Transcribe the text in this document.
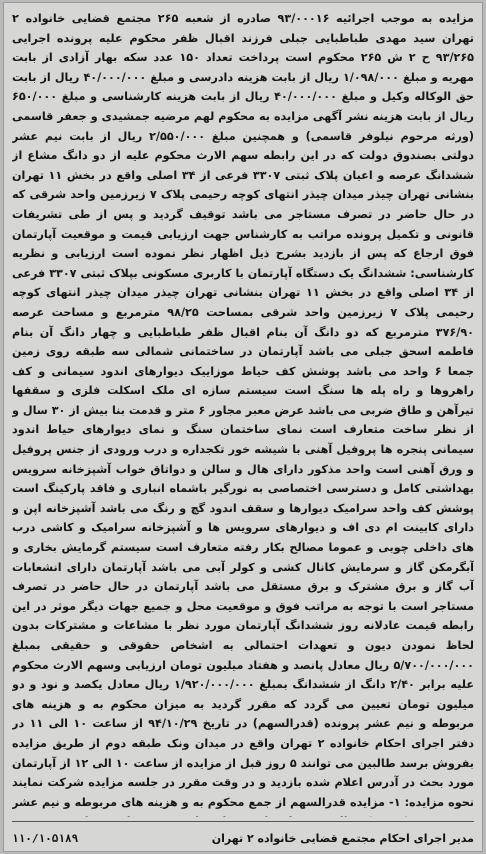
مزایده به موجب اجرائیه ۹۳/۰۰۰۱۶ صادره از شعبه ۲۶۵ مجتمع قضایی خانواده ۲ تهران سید مهدی طباطبایی جبلی فرزند اقبال ظفر محکوم علیه پرونده اجرایی ۹۳/۲۶۵ ح ۲ ش ۲۶۵ محکوم است پرداخت تعداد ۱۵۰ عدد سکه بهار آزادی از بابت مهریه و مبلغ ۱/۰۹۸/۰۰۰ ریال از بابت هزینه دادرسی و مبلغ ۴۰/۰۰۰/۰۰۰ ریال از بابت حق الوکاله وکیل و مبلغ ۴۰/۰۰۰/۰۰۰ ریال از بابت هزینه کارشناسی و مبلغ ۶۵۰/۰۰۰ ریال از بابت هزینه نشر آگهی مزایده به محکوم لهم مرضیه جمشیدی و جعفر قاسمی (ورثه مرحوم نیلوفر قاسمی) و همچنین مبلغ ۲/۵۵۰/۰۰۰ ریال از بابت نیم عشر دولتی بصندوق دولت که در این رابطه سهم الارث محکوم علیه از دو دانگ مشاع از ششدانگ عرصه و اعیان پلاک ثبتی ۳۳۰۷ فرعی از ۳۴ اصلی واقع در بخش ۱۱ تهران بنشانی تهران چیذر میدان چیذر انتهای کوچه رحیمی پلاک ۷ زیرزمین واحد شرقی که در حال حاضر در تصرف مستاجر می باشد توقیف گردید و پس از طی تشریفات قانونی و تکمیل پرونده مراتب به کارشناس جهت ارزیابی قیمت و موقعیت آپارتمان فوق ارجاع که پس از بازدید بشرح ذیل اظهار نظر نموده است ارزیابی و نظریه کارشناسی: ششدانگ یک دستگاه آپارتمان با کاربری مسکونی بپلاک ثبتی ۳۳۰۷ فرعی از ۳۴ اصلی واقع در بخش ۱۱ تهران بنشانی تهران چیذر میدان چیذر انتهای کوچه رحیمی پلاک ۷ زیرزمین واحد شرقی بمساحت ۹۸/۲۵ مترمربع و مساحت عرصه ۳۷۶/۹۰ مترمربع که دو دانگ آن بنام اقبال ظفر طباطبایی و چهار دانگ آن بنام فاطمه اسحق جبلی می باشد آپارتمان در ساختمانی شمالی سه طبقه روی زمین جمعا ۶ واحد می باشد پوشش کف حیاط موزاییک دیوارهای اندود سیمانی و کف راهروها و راه پله ها سنگ است سیستم سازه ای ملک اسکلت فلزی و سقفها تیرآهن و طاق ضربی می باشد عرض معبر مجاور ۶ متر و قدمت بنا بیش از ۳۰ سال و از نظر ساخت متعارف است نمای ساختمان سنگ و نمای دیوارهای حیاط اندود سیمانی پنجره ها پروفیل آهنی با شیشه خور تکجداره و درب ورودی از جنس پروفیل و ورق آهنی است واحد مذکور دارای هال و سالن و دواتاق خواب آشپزخانه سرویس بهداشتی کامل و دسترسی اختصاصی به نورگیر باشماه انباری و فاقد پارکینگ است پوشش کف واحد سرامیک دیوارها و سقف اندود گچ و رنگ می باشد آشپزخانه اپن و دارای کابینت ام دی اف و دیوارهای سرویس ها و آشپزخانه سرامیک و کاشی درب های داخلی چوبی و عموما مصالح بکار رفته متعارف است سیستم گرمایش بخاری و آبگرمکن گاز و سرمایش کانال کشی و کولر آبی می باشد آپارتمان دارای انشعابات آب گاز و برق مشترک و برق مستقل می باشد آپارتمان در حال حاضر در تصرف مستاجر است با توجه به مراتب فوق و موقعیت محل و جمیع جهات دیگر موثر در این رابطه قیمت عادلانه روز ششدانگ آپارتمان مورد نظر با مشاعات و مشترکات بدون لحاظ نمودن دیون و تعهدات احتمالی به اشخاص حقوقی و حقیقی بمبلغ ۵/۷۰۰/۰۰۰/۰۰۰ ریال معادل پانصد و هفتاد میلیون تومان ارزیابی وسهم الارث محکوم علیه برابر ۲/۴۰ دانگ از ششدانگ بمبلغ ۱/۹۲۰/۰۰۰/۰۰۰ ریال معادل یکصد و نود و دو میلیون تومان تعیین می گردد که مقرر گردید به میزان محکوم به و هزینه های مربوطه و نیم عشر پرونده (قدرالسهم) در تاریخ ۹۴/۱۰/۲۹ از ساعت ۱۰ الی ۱۱ در دفتر اجرای احکام خانواده ۲ تهران واقع در میدان ونک طبقه دوم از طریق مزایده بفروش برسد طالبین می توانند ۵ روز قبل از مزایده از ساعت ۱۰ الی ۱۲ از آپارتمان مورد بحث در آدرس اعلام شده بازدید و در وقت مقرر در جلسه مزایده شرکت نمایند نحوه مزایده: ۱- مزایده قدرالسهم از جمع محکوم به و هزینه های مربوطه و نیم عشر
۱۱۰/۱۰۵۱۸۹	مدیر اجرای احکام مجتمع قضایی خانواده ۲ تهران
